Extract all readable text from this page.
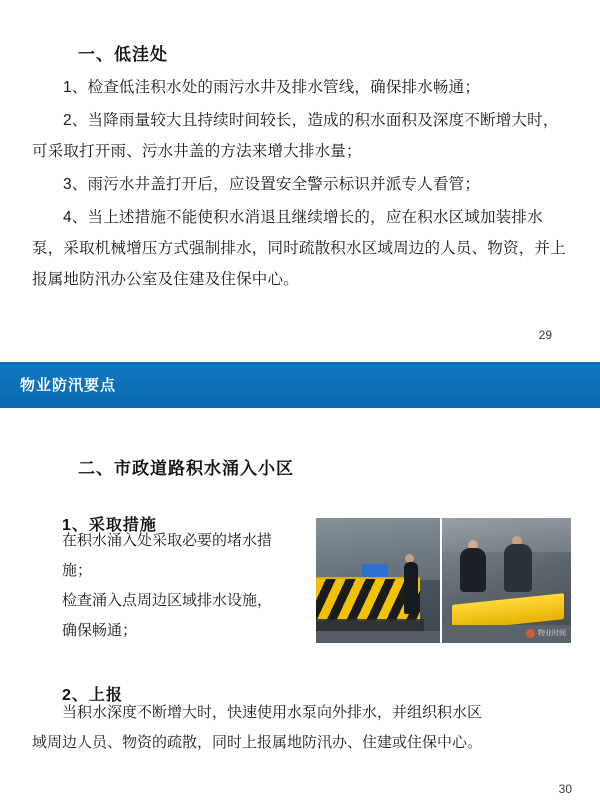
一、低洼处

1、检查低洼积水处的雨污水井及排水管线，确保排水畅通；

2、当降雨量较大且持续时间较长，造成的积水面积及深度不断增大时，可采取打开雨、污水井盖的方法来增大排水量；

3、雨污水井盖打开后，应设置安全警示标识并派专人看管；

4、当上述措施不能使积水消退且继续增长的，应在积水区域加装排水泵，采取机械增压方式强制排水，同时疏散积水区域周边的人员、物资，并上报属地防汛办公室及住建及住保中心。

29
物业防汛要点
二、市政道路积水涌入小区
1、采取措施
在积水涌入处采取必要的堵水措
施；
检查涌入点周边区域排水设施，
确保畅通；	物业时间
2、上报

当积水深度不断增大时，快速使用水泵向外排水，并组织积水区

域周边人员、物资的疏散，同时上报属地防汛办、住建或住保中心。

30
